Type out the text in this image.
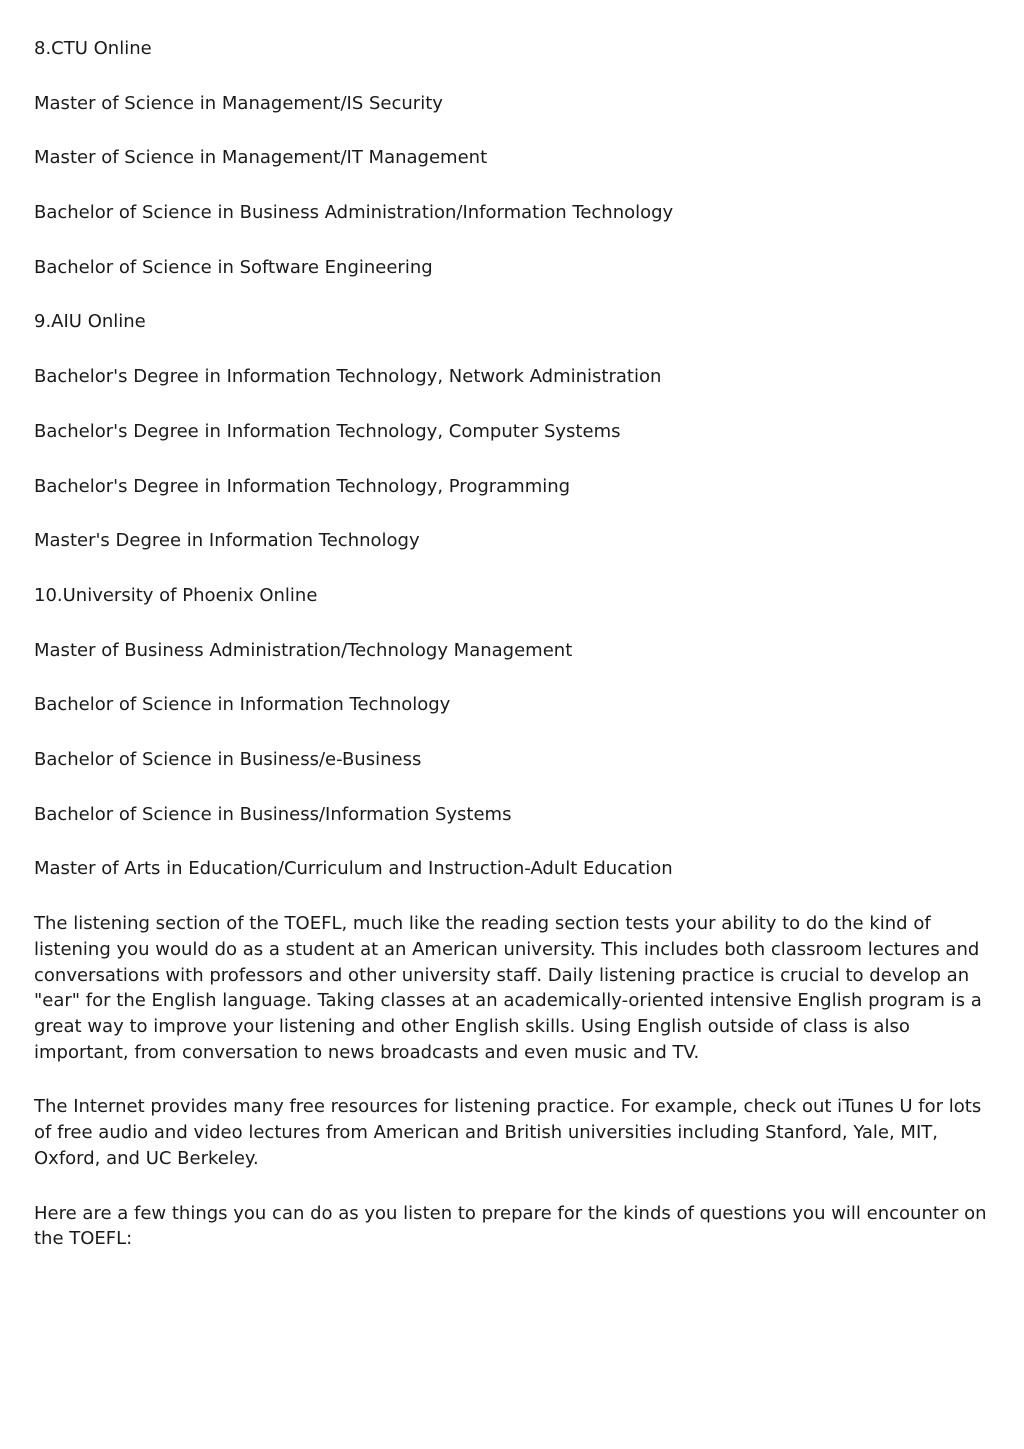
8.CTU Online
Master of Science in Management/IS Security
Master of Science in Management/IT Management
Bachelor of Science in Business Administration/Information Technology
Bachelor of Science in Software Engineering
9.AIU Online
Bachelor's Degree in Information Technology, Network Administration
Bachelor's Degree in Information Technology, Computer Systems
Bachelor's Degree in Information Technology, Programming
Master's Degree in Information Technology
10.University of Phoenix Online
Master of Business Administration/Technology Management
Bachelor of Science in Information Technology
Bachelor of Science in Business/e-Business
Bachelor of Science in Business/Information Systems
Master of Arts in Education/Curriculum and Instruction-Adult Education

The listening section of the TOEFL, much like the reading section tests your ability to do the kind of listening you would do as a student at an American university. This includes both classroom lectures and conversations with professors and other university staff. Daily listening practice is crucial to develop an "ear" for the English language. Taking classes at an academically-oriented intensive English program is a great way to improve your listening and other English skills. Using English outside of class is also important, from conversation to news broadcasts and even music and TV.

The Internet provides many free resources for listening practice. For example, check out iTunes U for lots of free audio and video lectures from American and British universities including Stanford, Yale, MIT, Oxford, and UC Berkeley.

Here are a few things you can do as you listen to prepare for the kinds of questions you will encounter on the TOEFL:
